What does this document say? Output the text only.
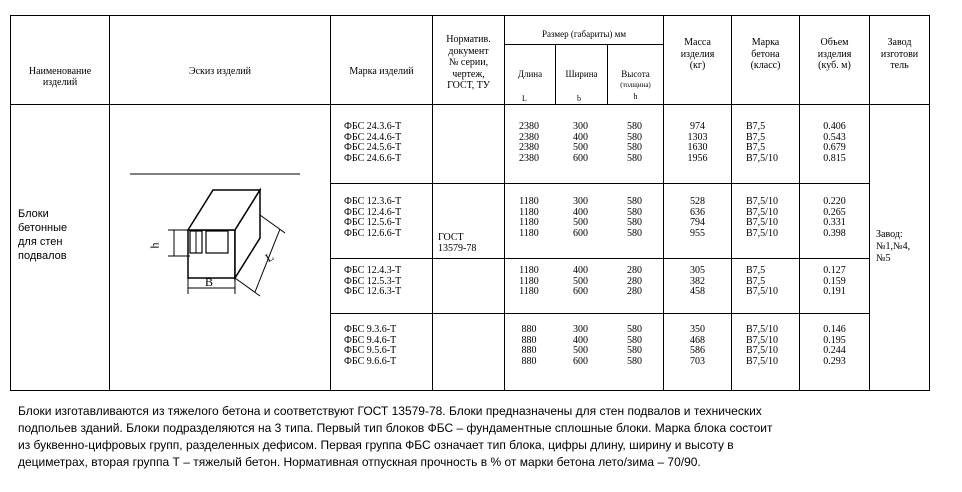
Наименование
изделий
Эскиз изделий	Марка изделий
Норматив.
документ
№ серии,
чертеж,
ГОСТ, ТУ
Размер (габариты) мм
Длина
L
Ширина
b
Высота
(толщина)
h
Масса
изделия
(кг)
Марка
бетона
(класс)
Объем
изделия
(куб. м)
Завод
изготови
тель
Блоки
бетонные
для стен
подвалов
ГОСТ
13579-78
Завод:
№1,№4,
№5
h
B
L
ФБС 24.3.6-Т
ФБС 24.4.6-Т
ФБС 24.5.6-Т
ФБС 24.6.6-Т
2380
2380
2380
2380
300
400
500
600
580
580
580
580
974
1303
1630
1956
В7,5
В7,5
В7,5
В7,5/10
0.406
0.543
0.679
0.815
ФБС 12.3.6-Т
ФБС 12.4.6-Т
ФБС 12.5.6-Т
ФБС 12.6.6-Т
1180
1180
1180
1180
300
400
500
600
580
580
580
580
528
636
794
955
В7,5/10
В7,5/10
В7,5/10
В7,5/10
0.220
0.265
0.331
0.398
ФБС 12.4.3-Т
ФБС 12.5.3-Т
ФБС 12.6.3-Т
1180
1180
1180
400
500
600
280
280
280
305
382
458
В7,5
В7,5
В7,5/10
0.127
0.159
0.191
ФБС 9.3.6-Т
ФБС 9.4.6-Т
ФБС 9.5.6-Т
ФБС 9.6.6-Т
880
880
880
880
300
400
500
600
580
580
580
580
350
468
586
703
В7,5/10
В7,5/10
В7,5/10
В7,5/10
0.146
0.195
0.244
0.293
Блоки изготавливаются из тяжелого бетона и соответствуют ГОСТ 13579-78. Блоки предназначены для стен подвалов и технических
подпольев зданий. Блоки подразделяются на 3 типа. Первый тип блоков ФБС – фундаментные сплошные блоки. Марка блока состоит
из буквенно-цифровых групп, разделенных дефисом. Первая группа ФБС означает тип блока, цифры длину, ширину и высоту в
дециметрах, вторая группа Т – тяжелый бетон. Нормативная отпускная прочность в % от марки бетона лето/зима – 70/90.
